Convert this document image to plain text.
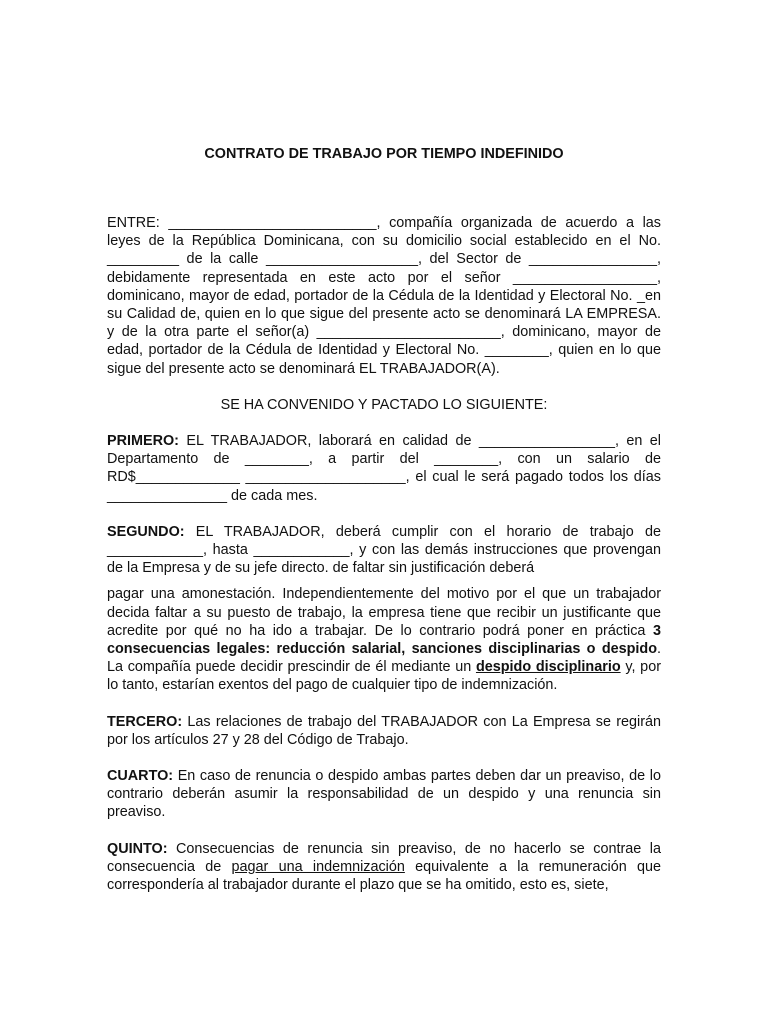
CONTRATO DE TRABAJO POR TIEMPO INDEFINIDO

ENTRE: __________________________, compañía organizada de acuerdo a las leyes de la República Dominicana, con su domicilio social establecido en el No. _________ de la calle ___________________, del Sector de ________________, debidamente representada en este acto por el señor __________________, dominicano, mayor de edad, portador de la Cédula de la Identidad y Electoral No. _en su Calidad de, quien en lo que sigue del presente acto se denominará LA EMPRESA. y de la otra parte el señor(a) _______________________, dominicano, mayor de edad, portador de la Cédula de Identidad y Electoral No. ________, quien en lo que sigue del presente acto se denominará EL TRABAJADOR(A).

SE HA CONVENIDO Y PACTADO LO SIGUIENTE:

PRIMERO: EL TRABAJADOR, laborará en calidad de _________________, en el Departamento de ________, a partir del ________, con un salario de RD$_____________ ____________________, el cual le será pagado todos los días _______________ de cada mes.

SEGUNDO: EL TRABAJADOR, deberá cumplir con el horario de trabajo de ____________, hasta ____________, y con las demás instrucciones que provengan de la Empresa y de su jefe directo. de faltar sin justificación deberá

pagar una amonestación. Independientemente del motivo por el que un trabajador decida faltar a su puesto de trabajo, la empresa tiene que recibir un justificante que acredite por qué no ha ido a trabajar. De lo contrario podrá poner en práctica 3 consecuencias legales: reducción salarial, sanciones disciplinarias o despido. La compañía puede decidir prescindir de él mediante un despido disciplinario y, por lo tanto, estarían exentos del pago de cualquier tipo de indemnización.

TERCERO: Las relaciones de trabajo del TRABAJADOR con La Empresa se regirán por los artículos 27 y 28 del Código de Trabajo.

CUARTO: En caso de renuncia o despido ambas partes deben dar un preaviso, de lo contrario deberán asumir la responsabilidad de un despido y una renuncia sin preaviso.

QUINTO: Consecuencias de renuncia sin preaviso, de no hacerlo se contrae la consecuencia de pagar una indemnización equivalente a la remuneración que correspondería al trabajador durante el plazo que se ha omitido, esto es, siete,
